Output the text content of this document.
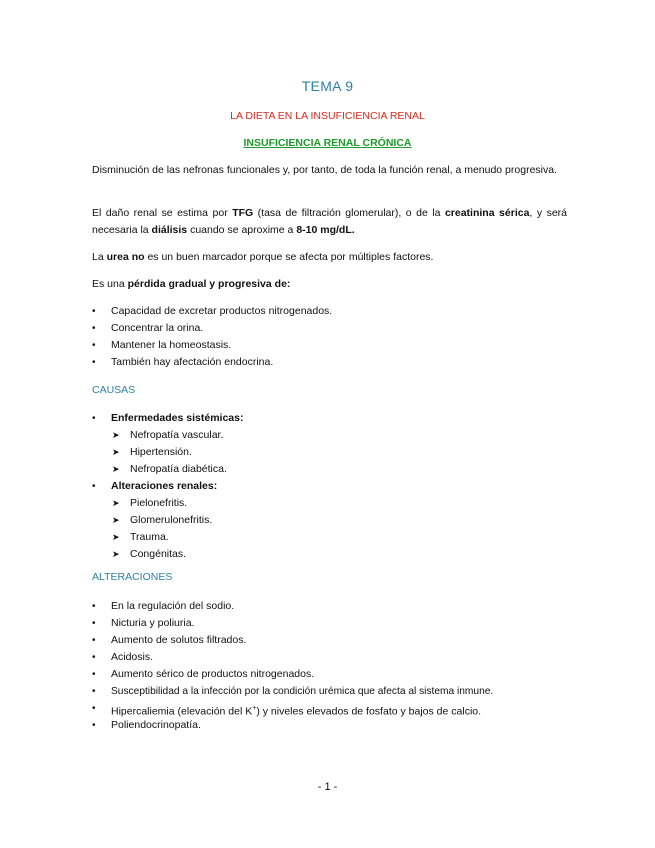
TEMA 9
LA DIETA EN LA INSUFICIENCIA RENAL
INSUFICIENCIA RENAL CRÓNICA
Disminución de las nefronas funcionales y, por tanto, de toda la función renal, a menudo progresiva.
El daño renal se estima por TFG (tasa de filtración glomerular), o de la creatinina sérica, y será necesaria la diálisis cuando se aproxime a 8-10 mg/dL.
La urea no es un buen marcador porque se afecta por múltiples factores.
Es una pérdida gradual y progresiva de:
•	Capacidad de excretar productos nitrogenados.
•	Concentrar la orina.
•	Mantener la homeostasis.
•	También hay afectación endocrina.
CAUSAS
•	Enfermedades sistémicas:
➤ Nefropatía vascular.
➤ Hipertensión.
➤ Nefropatía diabética.
•	Alteraciones renales:
➤ Pielonefritis.
➤ Glomerulonefritis.
➤ Trauma.
➤ Congénitas.
ALTERACIONES
•	En la regulación del sodio.
•	Nicturia y poliuria.
•	Aumento de solutos filtrados.
•	Acidosis.
•	Aumento sérico de productos nitrogenados.
•	Susceptibilidad a la infección por la condición urémica que afecta al sistema inmune.
•	Hipercaliemia (elevación del K+) y niveles elevados de fosfato y bajos de calcio.
•	Poliendocrinopatía.
- 1 -
